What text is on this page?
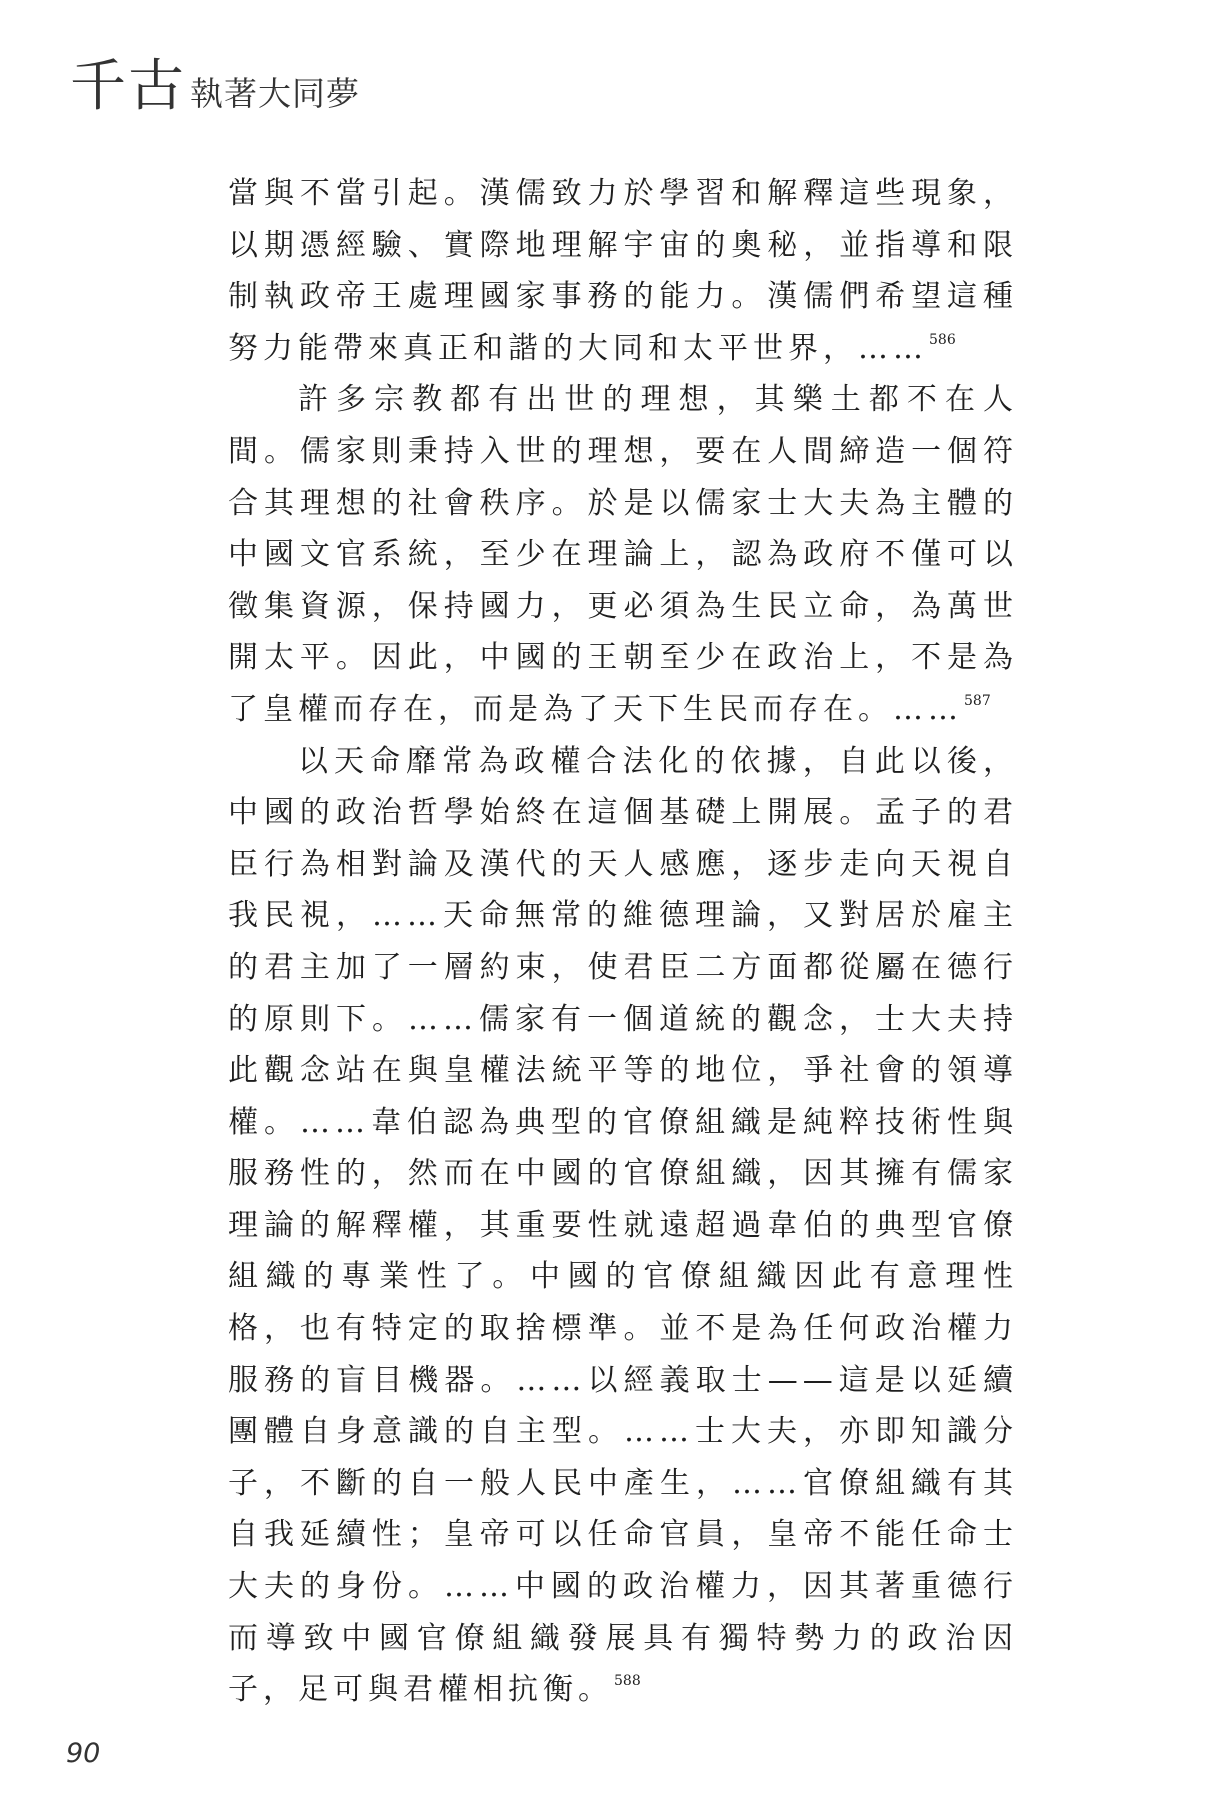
千古 執著大同夢

當與不當引起。漢儒致力於學習和解釋這些現象，以期憑經驗、實際地理解宇宙的奧秘，並指導和限制執政帝王處理國家事務的能力。漢儒們希望這種努力能帶來真正和諧的大同和太平世界，……$^{586}$

許多宗教都有出世的理想，其樂土都不在人間。儒家則秉持入世的理想，要在人間締造一個符合其理想的社會秩序。於是以儒家士大夫為主體的中國文官系統，至少在理論上，認為政府不僅可以徵集資源，保持國力，更必須為生民立命，為萬世開太平。因此，中國的王朝至少在政治上，不是為了皇權而存在，而是為了天下生民而存在。……$^{587}$

以天命靡常為政權合法化的依據，自此以後，中國的政治哲學始終在這個基礎上開展。孟子的君臣行為相對論及漢代的天人感應，逐步走向天視自我民視，……天命無常的維德理論，又對居於雇主的君主加了一層約束，使君臣二方面都從屬在德行的原則下。……儒家有一個道統的觀念，士大夫持此觀念站在與皇權法統平等的地位，爭社會的領導權。……韋伯認為典型的官僚組織是純粹技術性與服務性的，然而在中國的官僚組織，因其擁有儒家理論的解釋權，其重要性就遠超過韋伯的典型官僚組織的專業性了。中國的官僚組織因此有意理性格，也有特定的取捨標準。並不是為任何政治權力服務的盲目機器。……以經義取士——這是以延續團體自身意識的自主型。……士大夫，亦即知識分子，不斷的自一般人民中產生，……官僚組織有其自我延續性；皇帝可以任命官員，皇帝不能任命士大夫的身份。……中國的政治權力，因其著重德行而導致中國官僚組織發展具有獨特勢力的政治因子，足可與君權相抗衡。$^{588}$

90
